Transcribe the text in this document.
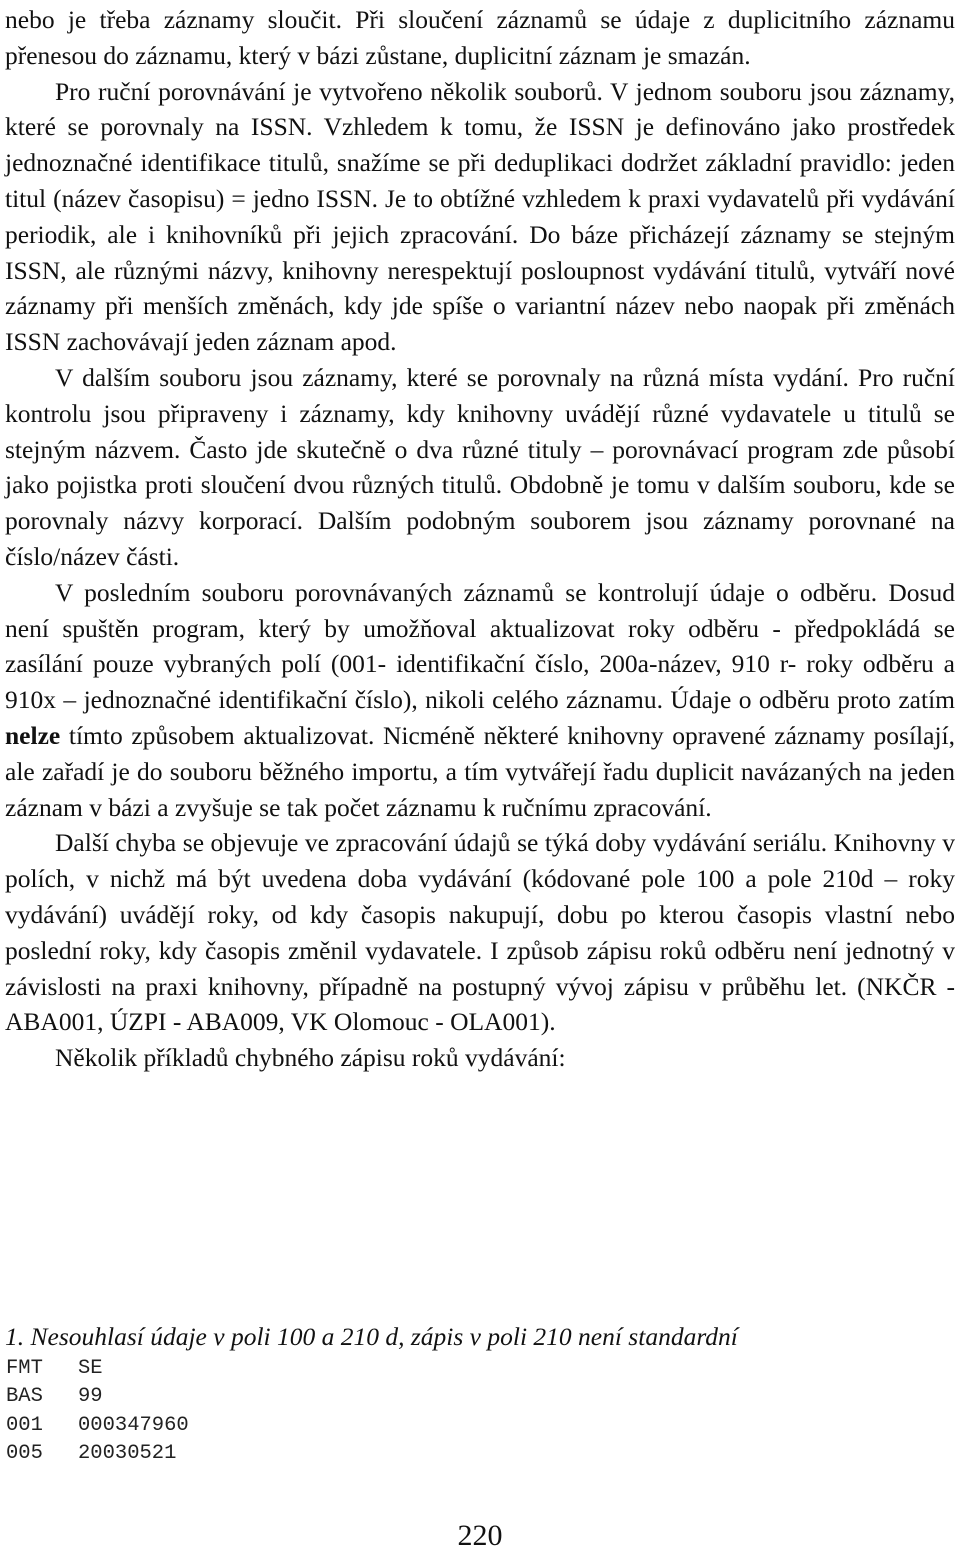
nebo je třeba záznamy sloučit. Při sloučení záznamů se údaje z duplicitního záznamu přenesou do záznamu, který v bázi zůstane, duplicitní záznam je smazán.

Pro ruční porovnávání je vytvořeno několik souborů. V jednom souboru jsou záznamy, které se porovnaly na ISSN. Vzhledem k tomu, že ISSN je definováno jako prostředek jednoznačné identifikace titulů, snažíme se při deduplikaci dodržet základní pravidlo: jeden titul (název časopisu) = jedno ISSN. Je to obtížné vzhledem k praxi vydavatelů při vydávání periodik, ale i knihovníků při jejich zpracování. Do báze přicházejí záznamy se stejným ISSN, ale různými názvy, knihovny nerespektují posloupnost vydávání titulů, vytváří nové záznamy při menších změnách, kdy jde spíše o variantní název nebo naopak při změnách ISSN zachovávají jeden záznam apod.

V dalším souboru jsou záznamy, které se porovnaly na různá místa vydání. Pro ruční kontrolu jsou připraveny i záznamy, kdy knihovny uvádějí různé vydavatele u titulů se stejným názvem. Často jde skutečně o dva různé tituly – porovnávací program zde působí jako pojistka proti sloučení dvou různých titulů. Obdobně je tomu v dalším souboru, kde se porovnaly názvy korporací. Dalším podobným souborem jsou záznamy porovnané na číslo/název části.

V posledním souboru porovnávaných záznamů se kontrolují údaje o odběru. Dosud není spuštěn program, který by umožňoval aktualizovat roky odběru - předpokládá se zasílání pouze vybraných polí (001- identifikační číslo, 200a-název, 910 r- roky odběru a 910x – jednoznačné identifikační číslo), nikoli celého záznamu. Údaje o odběru proto zatím nelze tímto způsobem aktualizovat. Nicméně některé knihovny opravené záznamy posílají, ale zařadí je do souboru běžného importu, a tím vytvářejí řadu duplicit navázaných na jeden záznam v bázi a zvyšuje se tak počet záznamu k ručnímu zpracování.

Další chyba se objevuje ve zpracování údajů se týká doby vydávání seriálu. Knihovny v polích, v nichž má být uvedena doba vydávání (kódované pole 100 a pole 210d – roky vydávání) uvádějí roky, od kdy časopis nakupují, dobu po kterou časopis vlastní nebo poslední roky, kdy časopis změnil vydavatele. I způsob zápisu roků odběru není jednotný v závislosti na praxi knihovny, případně na postupný vývoj zápisu v průběhu let. (NKČR - ABA001, ÚZPI - ABA009, VK Olomouc - OLA001).

Několik příkladů chybného zápisu roků vydávání:

1. Nesouhlasí údaje v poli 100 a 210 d, zápis v poli 210 není standardní
FMT	SE
BAS	99
001	000347960
005	20030521
220
